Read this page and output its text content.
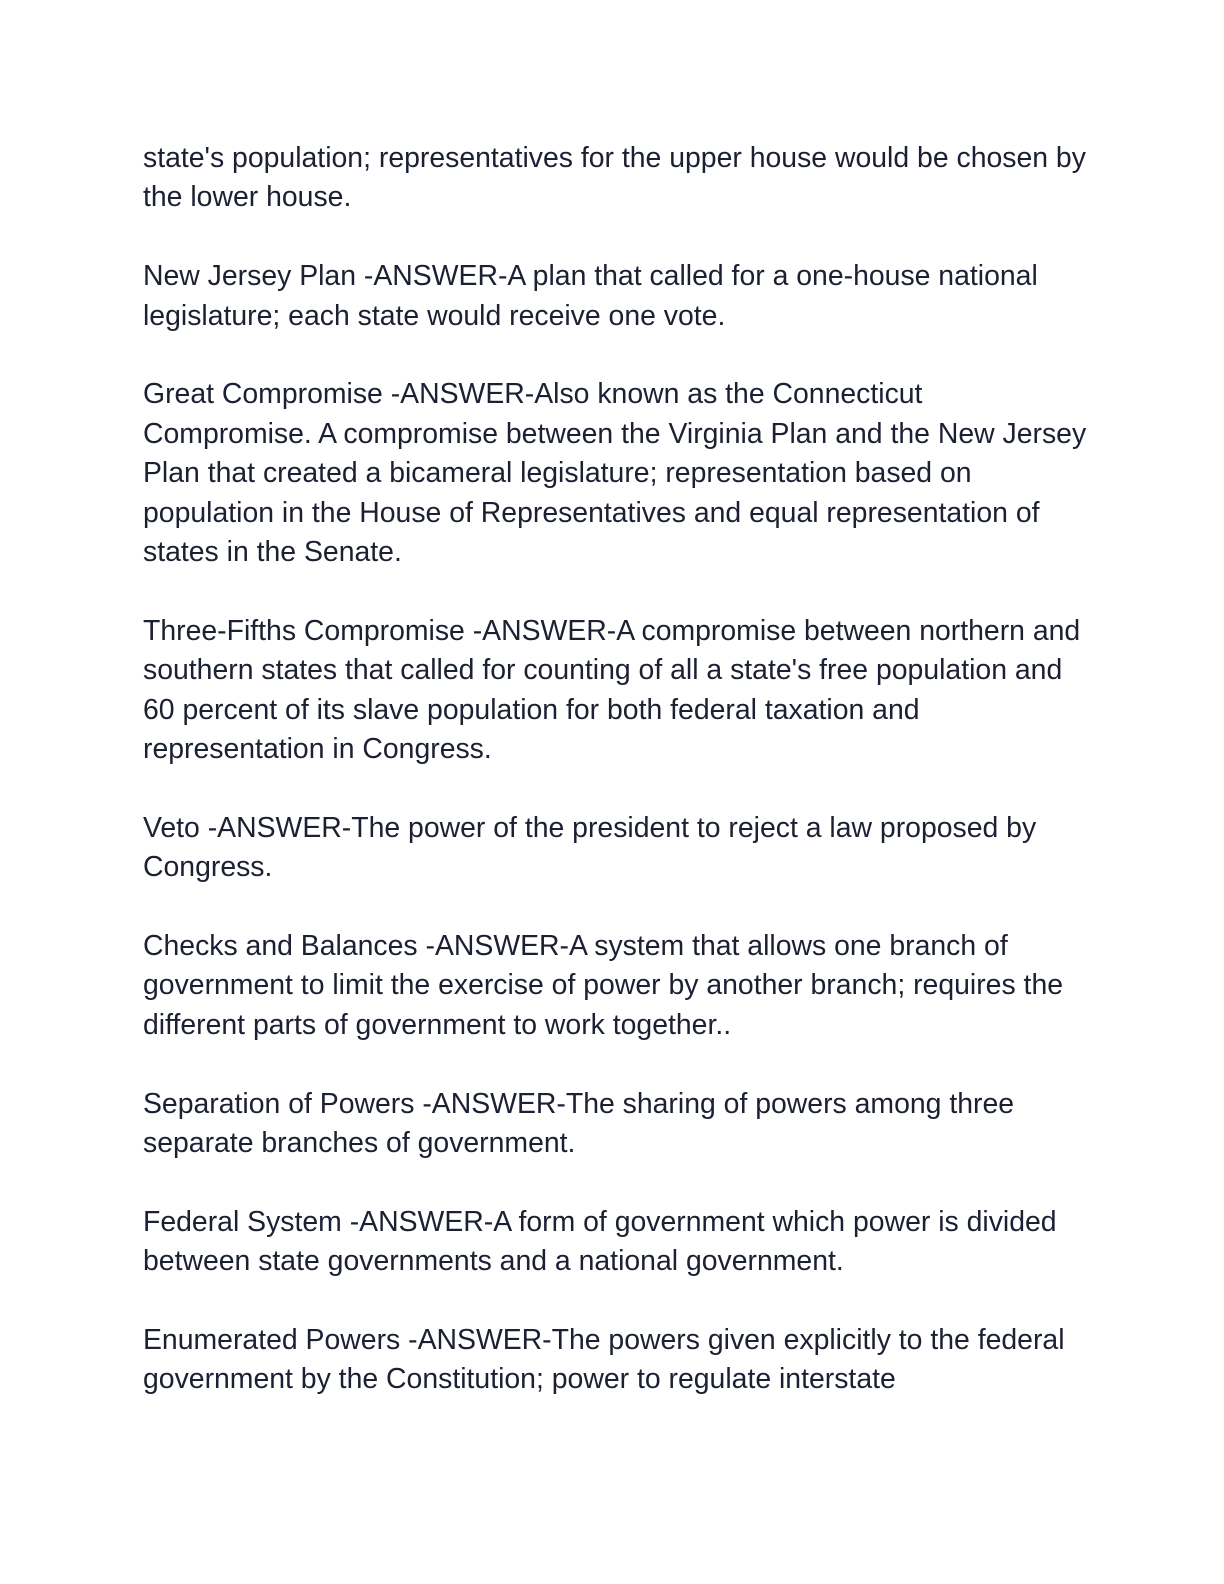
state's population; representatives for the upper house would be chosen by the lower house.

New Jersey Plan -ANSWER-A plan that called for a one-house national legislature; each state would receive one vote.

Great Compromise -ANSWER-Also known as the Connecticut Compromise. A compromise between the Virginia Plan and the New Jersey Plan that created a bicameral legislature; representation based on population in the House of Representatives and equal representation of states in the Senate.

Three-Fifths Compromise -ANSWER-A compromise between northern and southern states that called for counting of all a state's free population and 60 percent of its slave population for both federal taxation and representation in Congress.

Veto -ANSWER-The power of the president to reject a law proposed by Congress.

Checks and Balances -ANSWER-A system that allows one branch of government to limit the exercise of power by another branch; requires the different parts of government to work together..

Separation of Powers -ANSWER-The sharing of powers among three separate branches of government.

Federal System -ANSWER-A form of government which power is divided between state governments and a national government.

Enumerated Powers -ANSWER-The powers given explicitly to the federal government by the Constitution; power to regulate interstate
